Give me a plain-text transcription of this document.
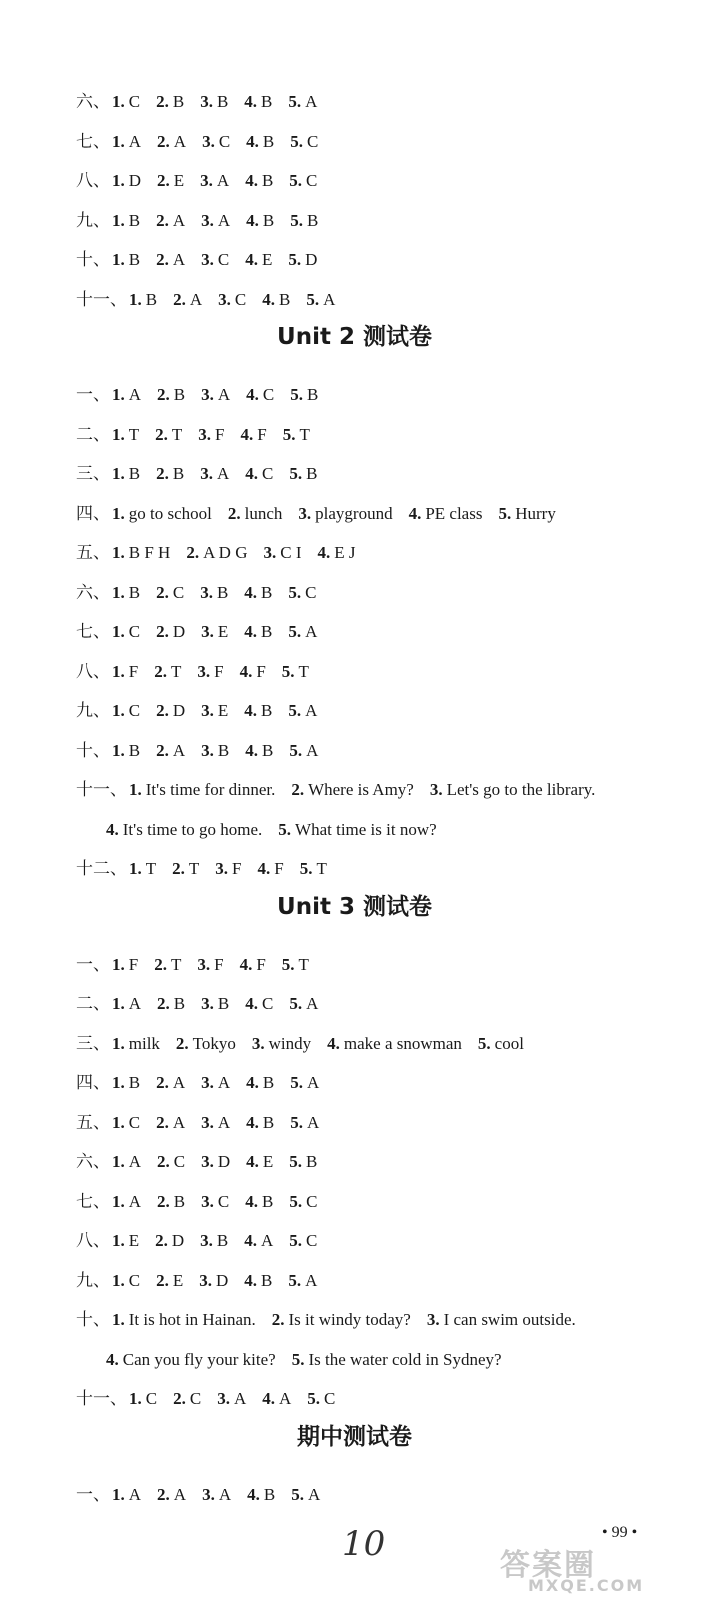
六、 1. C 2. B 3. B 4. B 5. A
七、 1. A 2. A 3. C 4. B 5. C
八、 1. D 2. E 3. A 4. B 5. C
九、 1. B 2. A 3. A 4. B 5. B
十、 1. B 2. A 3. C 4. E 5. D
十一、 1. B 2. A 3. C 4. B 5. A
Unit 2 测试卷
一、 1. A 2. B 3. A 4. C 5. B
二、 1. T 2. T 3. F 4. F 5. T
三、 1. B 2. B 3. A 4. C 5. B
四、 1. go to school 2. lunch 3. playground 4. PE class 5. Hurry
五、 1. B F H 2. A D G 3. C I 4. E J
六、 1. B 2. C 3. B 4. B 5. C
七、 1. C 2. D 3. E 4. B 5. A
八、 1. F 2. T 3. F 4. F 5. T
九、 1. C 2. D 3. E 4. B 5. A
十、 1. B 2. A 3. B 4. B 5. A
十一、 1. It's time for dinner. 2. Where is Amy? 3. Let's go to the library.
4. It's time to go home. 5. What time is it now?
十二、 1. T 2. T 3. F 4. F 5. T
Unit 3 测试卷
一、 1. F 2. T 3. F 4. F 5. T
二、 1. A 2. B 3. B 4. C 5. A
三、 1. milk 2. Tokyo 3. windy 4. make a snowman 5. cool
四、 1. B 2. A 3. A 4. B 5. A
五、 1. C 2. A 3. A 4. B 5. A
六、 1. A 2. C 3. D 4. E 5. B
七、 1. A 2. B 3. C 4. B 5. C
八、 1. E 2. D 3. B 4. A 5. C
九、 1. C 2. E 3. D 4. B 5. A
十、 1. It is hot in Hainan. 2. Is it windy today? 3. I can swim outside.
4. Can you fly your kite? 5. Is the water cold in Sydney?
十一、 1. C 2. C 3. A 4. A 5. C
期中测试卷
一、 1. A 2. A 3. A 4. B 5. A
10	• 99 •
答案圈
MXQE.COM
